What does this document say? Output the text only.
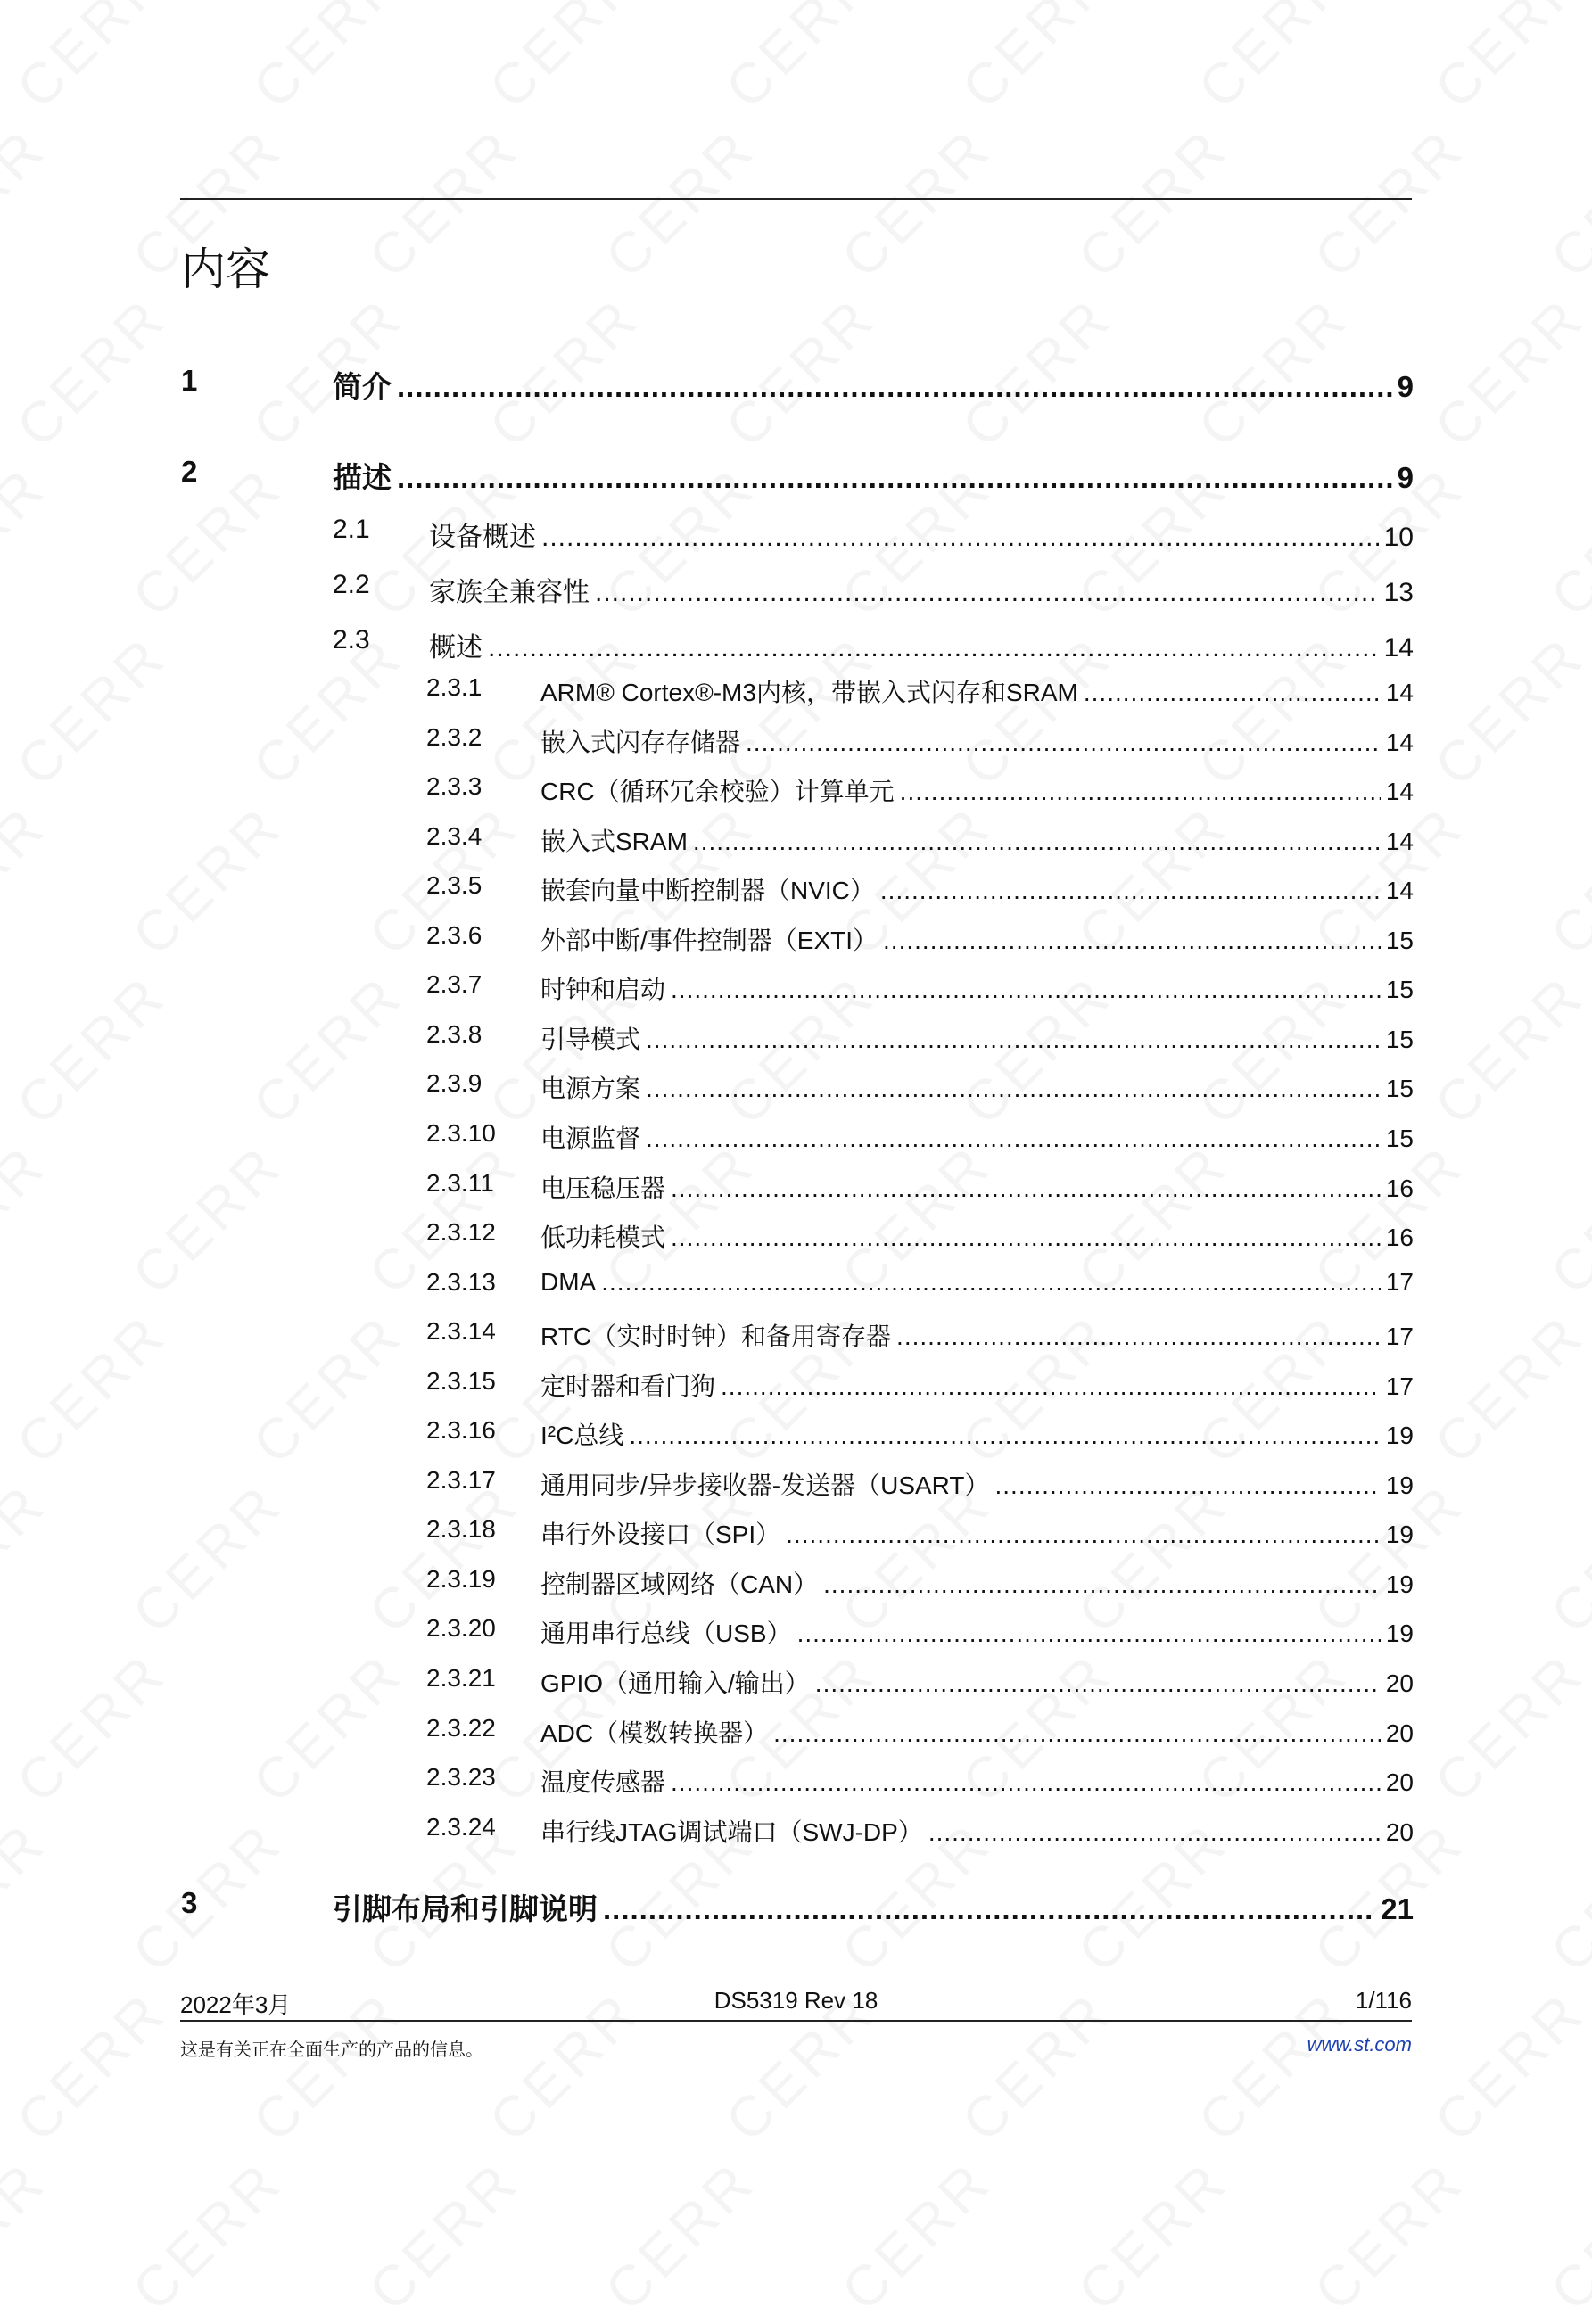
内容
1	简介 .....	9
2	描述 .....	9
2.1 设备概述 .....	10
2.2 家族全兼容性 .....	13
2.3 概述 .....	14
2.3.1 ARM® Cortex®-M3内核，带嵌入式闪存和SRAM .....	14
2.3.2 嵌入式闪存存储器 .....	14
2.3.3 CRC（循环冗余校验）计算单元 .....	14
2.3.4 嵌入式SRAM .....	14
2.3.5 嵌套向量中断控制器（NVIC） .....	14
2.3.6 外部中断/事件控制器（EXTI） .....	15
2.3.7 时钟和启动 .....	15
2.3.8 引导模式 .....	15
2.3.9 电源方案 .....	15
2.3.10 电源监督 .....	15
2.3.11 电压稳压器 .....	16
2.3.12 低功耗模式 .....	16
2.3.13 DMA .....	17
2.3.14 RTC（实时时钟）和备用寄存器 .....	17
2.3.15 定时器和看门狗 .....	17
2.3.16 I²C总线 .....	19
2.3.17 通用同步/异步接收器-发送器（USART） .....	19
2.3.18 串行外设接口（SPI） .....	19
2.3.19 控制器区域网络（CAN） .....	19
2.3.20 通用串行总线（USB） .....	19
2.3.21 GPIO（通用输入/输出） .....	20
2.3.22 ADC（模数转换器） .....	20
2.3.23 温度传感器 .....	20
2.3.24 串行线JTAG调试端口（SWJ-DP） .....	20
3	引脚布局和引脚说明 .....	21
2022年3月	DS5319 Rev 18	1/116
这是有关正在全面生产的产品的信息。	www.st.com
